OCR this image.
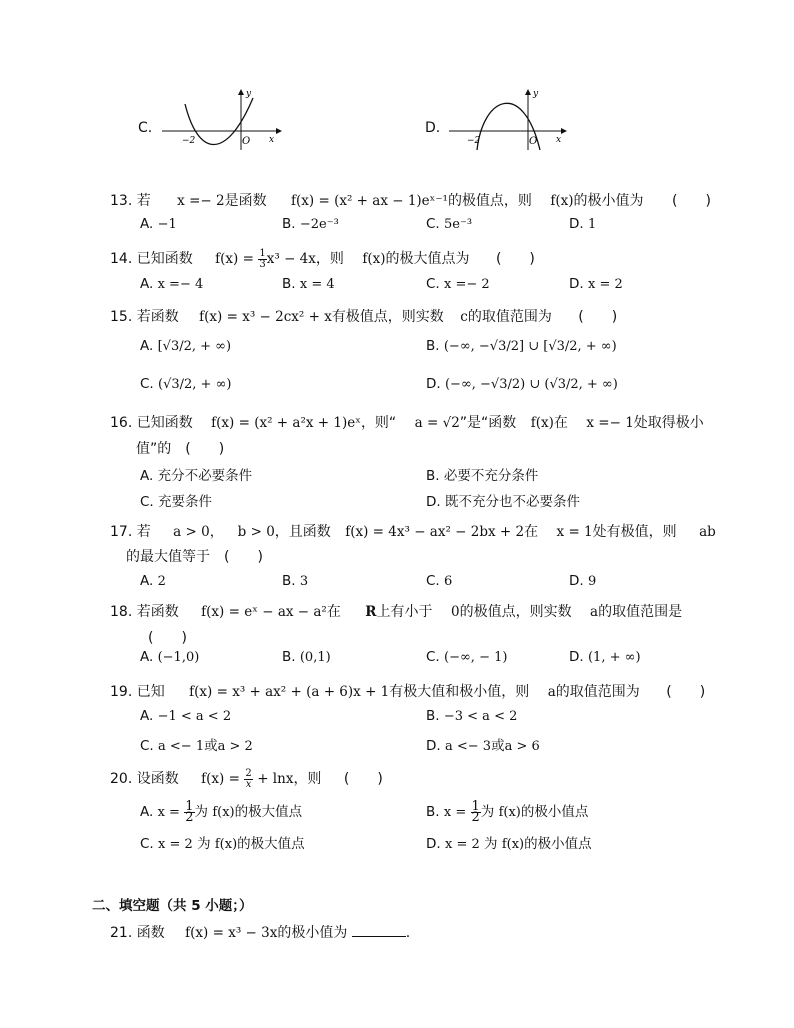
C.
y
x
−2	O
D.
y
x
−2	O
13. 若 x =− 2是函数 f(x) = (x² + ax − 1)eˣ⁻¹的极值点，则 f(x)的极小值为 (　　)
A. −1	B. −2e⁻³	C. 5e⁻³	D. 1
14. 已知函数 $f(x) = \frac{1}{3} x^3 - 4x$，则 f(x)的极大值点为 (　　)
A. x =− 4	B. x = 4	C. x =− 2	D. x = 2
15. 若函数 f(x) = x³ − 2cx² + x有极值点，则实数 c的取值范围为 (　　)
A. [√3/2, + ∞)	B. (−∞, −√3/2] ∪ [√3/2, + ∞)
C. (√3/2, + ∞)	D. (−∞, −√3/2) ∪ (√3/2, + ∞)
16. 已知函数 f(x) = (x² + a²x + 1)eˣ，则“ a = √2”是“函数 f(x)在 x =− 1处取得极小
值”的 (　　)
A. 充分不必要条件	B. 必要不充分条件
C. 充要条件	D. 既不充分也不必要条件
17. 若 a > 0， b > 0，且函数 f(x) = 4x³ − ax² − 2bx + 2在 x = 1处有极值，则 ab
的最大值等于 (　　)
A. 2	B. 3	C. 6	D. 9
18. 若函数 f(x) = eˣ − ax − a²在 R上有小于 0的极值点，则实数 a的取值范围是
(　　)
A. (−1,0)	B. (0,1)	C. (−∞, − 1)	D. (1, + ∞)
19. 已知 f(x) = x³ + ax² + (a + 6)x + 1有极大值和极小值，则 a的取值范围为 (　　)
A. −1 < a < 2	B. −3 < a < 2
C. a <− 1或a > 2	D. a <− 3或a > 6
20. 设函数 $f(x) = \frac{2}{x} + \ln x$，则 (　　)
A. $x = \frac{1}{2}$ 为 f(x)的极大值点	B. $x = \frac{1}{2}$ 为 f(x)的极小值点
C. x = 2 为 f(x)的极大值点	D. x = 2 为 f(x)的极小值点
二、填空题（共 5 小题；）
21. 函数 f(x) = x³ − 3x的极小值为	.
